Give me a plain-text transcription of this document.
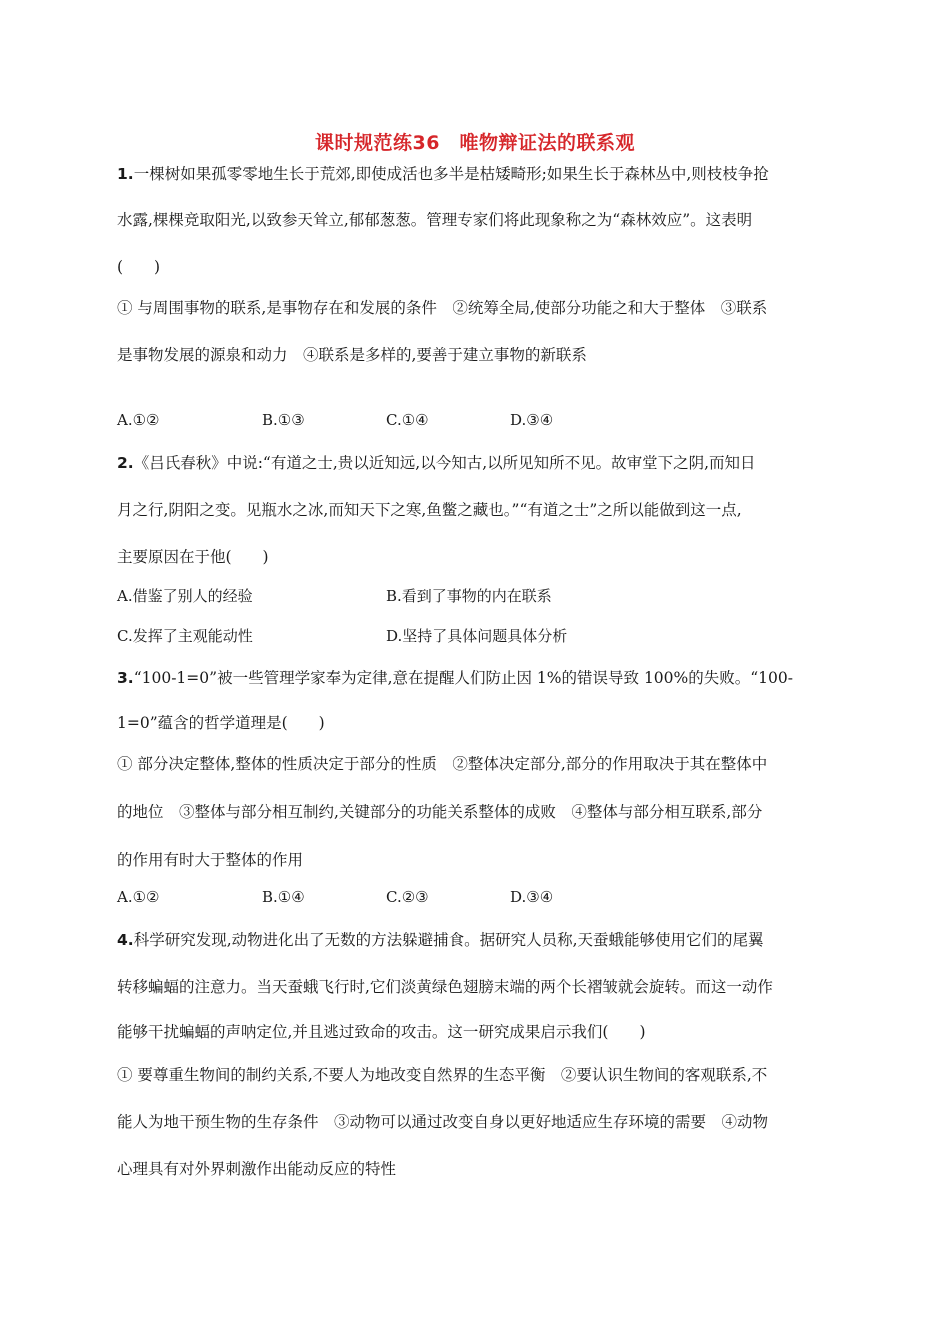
课时规范练36　唯物辩证法的联系观
1.一棵树如果孤零零地生长于荒郊,即使成活也多半是枯矮畸形;如果生长于森林丛中,则枝枝争抢
水露,棵棵竞取阳光,以致参天耸立,郁郁葱葱。管理专家们将此现象称之为“森林效应”。这表明
(　　)
① 与周围事物的联系,是事物存在和发展的条件　②统筹全局,使部分功能之和大于整体　③联系
是事物发展的源泉和动力　④联系是多样的,要善于建立事物的新联系
A.①②	B.①③	C.①④	D.③④
2.《吕氏春秋》中说:“有道之士,贵以近知远,以今知古,以所见知所不见。故审堂下之阴,而知日
月之行,阴阳之变。见瓶水之冰,而知天下之寒,鱼鳖之藏也。”“有道之士”之所以能做到这一点,
主要原因在于他(　　)
A.借鉴了别人的经验	B.看到了事物的内在联系
C.发挥了主观能动性	D.坚持了具体问题具体分析
3.“100-1=0”被一些管理学家奉为定律,意在提醒人们防止因 1%的错误导致 100%的失败。“100-
1=0”蕴含的哲学道理是(　　)
① 部分决定整体,整体的性质决定于部分的性质　②整体决定部分,部分的作用取决于其在整体中
的地位　③整体与部分相互制约,关键部分的功能关系整体的成败　④整体与部分相互联系,部分
的作用有时大于整体的作用
A.①②	B.①④	C.②③	D.③④
4.科学研究发现,动物进化出了无数的方法躲避捕食。据研究人员称,天蚕蛾能够使用它们的尾翼
转移蝙蝠的注意力。当天蚕蛾飞行时,它们淡黄绿色翅膀末端的两个长褶皱就会旋转。而这一动作
能够干扰蝙蝠的声呐定位,并且逃过致命的攻击。这一研究成果启示我们(　　)
① 要尊重生物间的制约关系,不要人为地改变自然界的生态平衡　②要认识生物间的客观联系,不
能人为地干预生物的生存条件　③动物可以通过改变自身以更好地适应生存环境的需要　④动物
心理具有对外界刺激作出能动反应的特性
